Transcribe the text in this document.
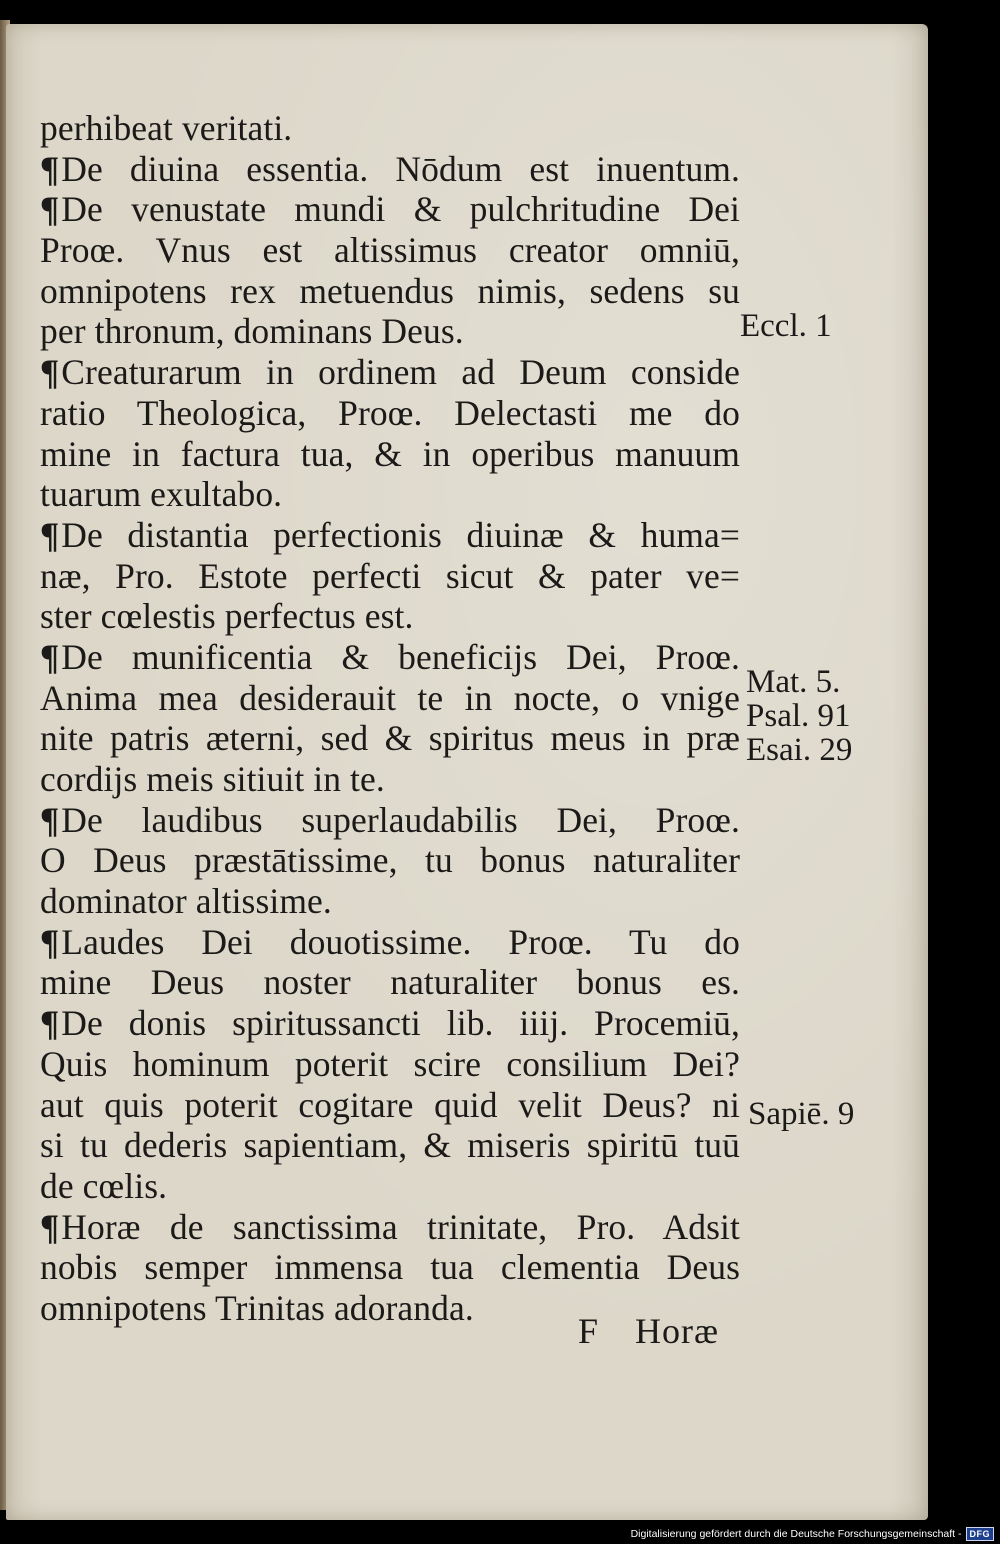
perhibeat veritati.
¶De diuina essentia. Nōdum est inuentum.
¶De venustate mundi & pulchritudine Dei
Proœ. Vnus est altissimus creator omniū,
omnipotens rex metuendus nimis, sedens su
per thronum, dominans Deus.
¶Creaturarum in ordinem ad Deum conside
ratio Theologica, Proœ. Delectasti me do
mine in factura tua, & in operibus manuum
tuarum exultabo.
¶De distantia perfectionis diuinæ & huma=
næ, Pro. Estote perfecti sicut & pater ve=
ster cœlestis perfectus est.
¶De munificentia & beneficijs Dei, Proœ.
Anima mea desiderauit te in nocte, o vnige
nite patris æterni, sed & spiritus meus in præ
cordijs meis sitiuit in te.
¶De laudibus superlaudabilis Dei, Proœ.
O Deus præstātissime, tu bonus naturaliter
dominator altissime.
¶Laudes Dei douotissime. Proœ. Tu do
mine Deus noster naturaliter bonus es.
¶De donis spiritussancti lib. iiij. Procemiū,
Quis hominum poterit scire consilium Dei?
aut quis poterit cogitare quid velit Deus? ni
si tu dederis sapientiam, & miseris spiritū tuū
de cœlis.
¶Horæ de sanctissima trinitate, Pro. Adsit
nobis semper immensa tua clementia Deus
omnipotens Trinitas adoranda.
Eccl. 1
Mat. 5.
Psal. 91
Esai. 29
Sapiē. 9
F Horæ
Digitalisierung gefördert durch die Deutsche Forschungsgemeinschaft - DFG
